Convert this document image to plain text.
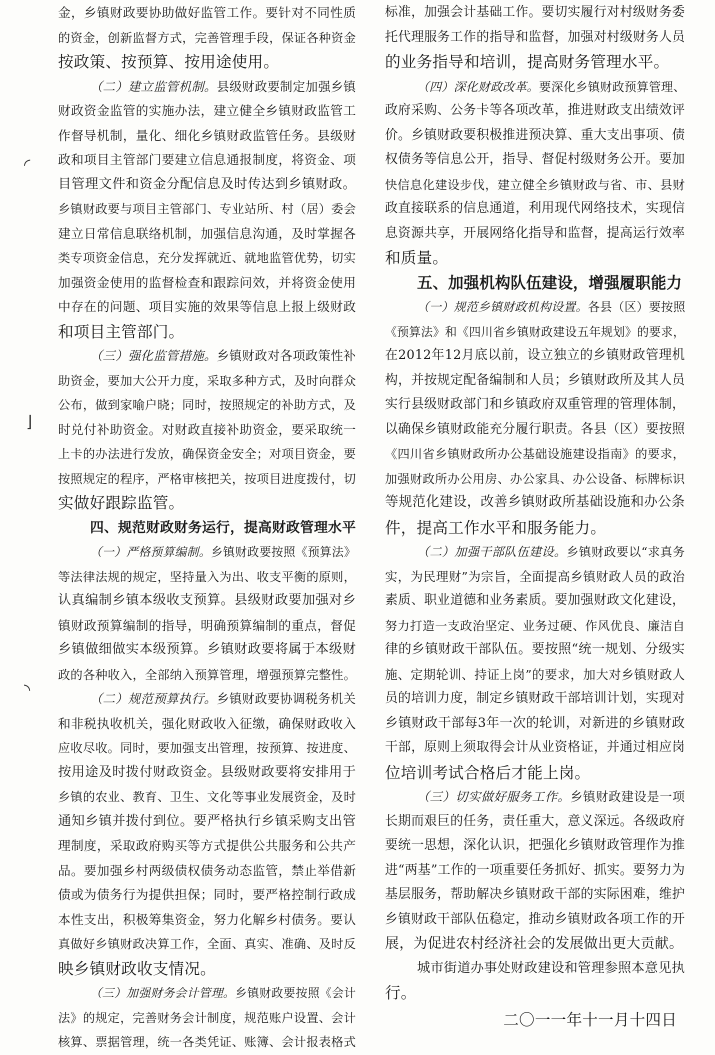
金，乡镇财政要协助做好监管工作。要针对不同性质
的资金，创新监督方式，完善管理手段，保证各种资金
按政策、按预算、按用途使用。
（二）建立监管机制。县级财政要制定加强乡镇
财政资金监管的实施办法，建立健全乡镇财政监管工
作督导机制，量化、细化乡镇财政监管任务。县级财
政和项目主管部门要建立信息通报制度，将资金、项
目管理文件和资金分配信息及时传达到乡镇财政。
乡镇财政要与项目主管部门、专业站所、村（居）委会
建立日常信息联络机制，加强信息沟通，及时掌握各
类专项资金信息，充分发挥就近、就地监管优势，切实
加强资金使用的监督检查和跟踪问效，并将资金使用
中存在的问题、项目实施的效果等信息上报上级财政
和项目主管部门。
（三）强化监管措施。乡镇财政对各项政策性补
助资金，要加大公开力度，采取多种方式，及时向群众
公布，做到家喻户晓；同时，按照规定的补助方式，及
时兑付补助资金。对财政直接补助资金，要采取统一
上卡的办法进行发放，确保资金安全；对项目资金，要
按照规定的程序，严格审核把关，按项目进度拨付，切
实做好跟踪监管。
四、规范财政财务运行，提高财政管理水平
（一）严格预算编制。乡镇财政要按照《预算法》
等法律法规的规定，坚持量入为出、收支平衡的原则，
认真编制乡镇本级收支预算。县级财政要加强对乡
镇财政预算编制的指导，明确预算编制的重点，督促
乡镇做细做实本级预算。乡镇财政要将属于本级财
政的各种收入，全部纳入预算管理，增强预算完整性。
（二）规范预算执行。乡镇财政要协调税务机关
和非税执收机关，强化财政收入征缴，确保财政收入
应收尽收。同时，要加强支出管理，按预算、按进度、
按用途及时拨付财政资金。县级财政要将安排用于
乡镇的农业、教育、卫生、文化等事业发展资金，及时
通知乡镇并拨付到位。要严格执行乡镇采购支出管
理制度，采取政府购买等方式提供公共服务和公共产
品。要加强乡村两级债权债务动态监管，禁止举借新
债或为债务行为提供担保；同时，要严格控制行政成
本性支出，积极筹集资金，努力化解乡村债务。要认
真做好乡镇财政决算工作，全面、真实、准确、及时反
映乡镇财政收支情况。
（三）加强财务会计管理。乡镇财政要按照《会计
法》的规定，完善财务会计制度，规范账户设置、会计
核算、票据管理，统一各类凭证、账簿、会计报表格式
标准，加强会计基础工作。要切实履行对村级财务委
托代理服务工作的指导和监督，加强对村级财务人员
的业务指导和培训，提高财务管理水平。
（四）深化财政改革。要深化乡镇财政预算管理、
政府采购、公务卡等各项改革，推进财政支出绩效评
价。乡镇财政要积极推进预决算、重大支出事项、债
权债务等信息公开，指导、督促村级财务公开。要加
快信息化建设步伐，建立健全乡镇财政与省、市、县财
政直接联系的信息通道，利用现代网络技术，实现信
息资源共享，开展网络化指导和监督，提高运行效率
和质量。
五、加强机构队伍建设，增强履职能力
（一）规范乡镇财政机构设置。各县（区）要按照
《预算法》和《四川省乡镇财政建设五年规划》的要求，
在2012年12月底以前，设立独立的乡镇财政管理机
构，并按规定配备编制和人员；乡镇财政所及其人员
实行县级财政部门和乡镇政府双重管理的管理体制，
以确保乡镇财政能充分履行职责。各县（区）要按照
《四川省乡镇财政所办公基础设施建设指南》的要求，
加强财政所办公用房、办公家具、办公设备、标牌标识
等规范化建设，改善乡镇财政所基础设施和办公条
件，提高工作水平和服务能力。
（二）加强干部队伍建设。乡镇财政要以“求真务
实，为民理财”为宗旨，全面提高乡镇财政人员的政治
素质、职业道德和业务素质。要加强财政文化建设，
努力打造一支政治坚定、业务过硬、作风优良、廉洁自
律的乡镇财政干部队伍。要按照“统一规划、分级实
施、定期轮训、持证上岗”的要求，加大对乡镇财政人
员的培训力度，制定乡镇财政干部培训计划，实现对
乡镇财政干部每3年一次的轮训，对新进的乡镇财政
干部，原则上须取得会计从业资格证，并通过相应岗
位培训考试合格后才能上岗。
（三）切实做好服务工作。乡镇财政建设是一项
长期而艰巨的任务，责任重大，意义深远。各级政府
要统一思想，深化认识，把强化乡镇财政管理作为推
进“两基”工作的一项重要任务抓好、抓实。要努力为
基层服务，帮助解决乡镇财政干部的实际困难，维护
乡镇财政干部队伍稳定，推动乡镇财政各项工作的开
展，为促进农村经济社会的发展做出更大贡献。
城市街道办事处财政建设和管理参照本意见执
行。
二〇一一年十一月十四日
◜
⌋
◝
